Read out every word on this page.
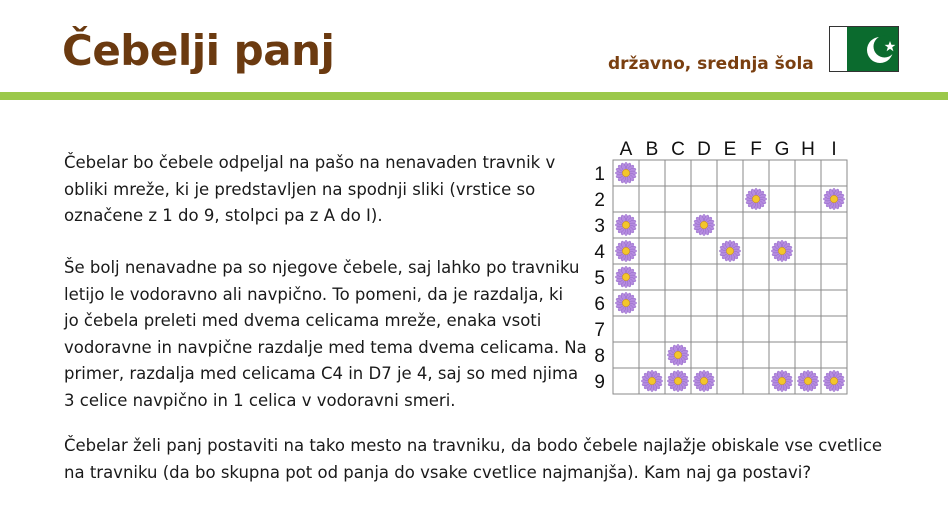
Čebelji panj	državno, srednja šola
Čebelar bo čebele odpeljal na pašo na nenavaden travnik v
obliki mreže, ki je predstavljen na spodnji sliki (vrstice so
označene z 1 do 9, stolpci pa z A do I).
Še bolj nenavadne pa so njegove čebele, saj lahko po travniku
letijo le vodoravno ali navpično. To pomeni, da je razdalja, ki
jo čebela preleti med dvema celicama mreže, enaka vsoti
vodoravne in navpične razdalje med tema dvema celicama. Na
primer, razdalja med celicama C4 in D7 je 4, saj so med njima
3 celice navpično in 1 celica v vodoravni smeri.
Čebelar želi panj postaviti na tako mesto na travniku, da bodo čebele najlažje obiskale vse cvetlice
na travniku (da bo skupna pot od panja do vsake cvetlice najmanjša). Kam naj ga postavi?
A B C D E F G H I
1
2
3
4
5
6
7
8
9
